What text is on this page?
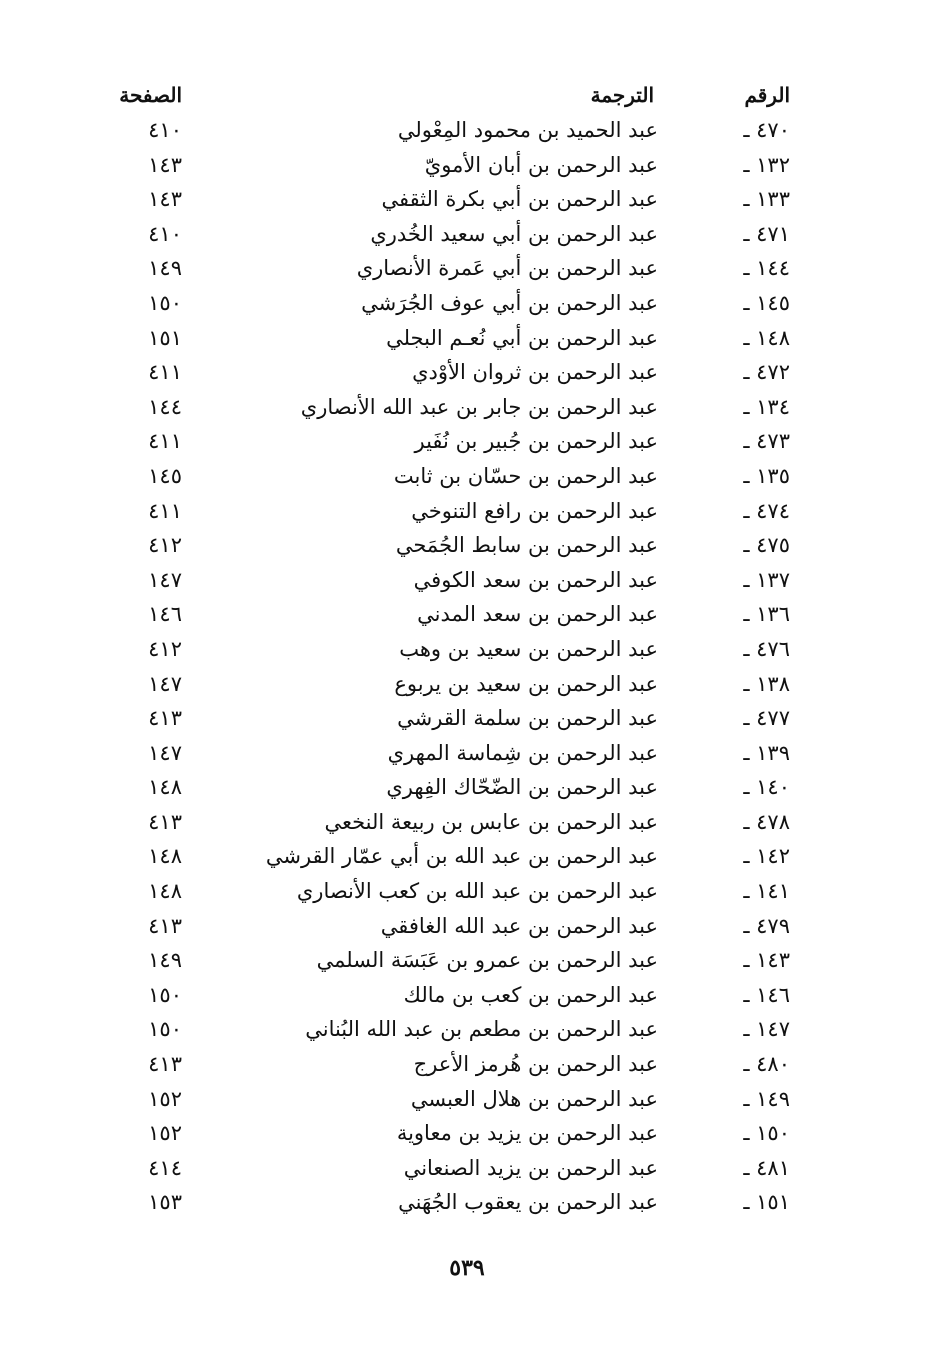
الرقم
الترجمة
الصفحة
٤٧٠ ـ
عبد الحميد بن محمود المِعْولي
٤١٠
١٣٢ ـ
عبد الرحمن بن أبان الأمويّ
١٤٣
١٣٣ ـ
عبد الرحمن بن أبي بكرة الثقفي
١٤٣
٤٧١ ـ
عبد الرحمن بن أبي سعيد الخُدري
٤١٠
١٤٤ ـ
عبد الرحمن بن أبي عَمرة الأنصاري
١٤٩
١٤٥ ـ
عبد الرحمن بن أبي عوف الجُرَشي
١٥٠
١٤٨ ـ
عبد الرحمن بن أبي نُعـم البجلي
١٥١
٤٧٢ ـ
عبد الرحمن بن ثروان الأوْدي
٤١١
١٣٤ ـ
عبد الرحمن بن جابر بن عبد الله الأنصاري
١٤٤
٤٧٣ ـ
عبد الرحمن بن جُبير بن نُفَير
٤١١
١٣٥ ـ
عبد الرحمن بن حسّان بن ثابت
١٤٥
٤٧٤ ـ
عبد الرحمن بن رافع التنوخي
٤١١
٤٧٥ ـ
عبد الرحمن بن سابط الجُمَحي
٤١٢
١٣٧ ـ
عبد الرحمن بن سعد الكوفي
١٤٧
١٣٦ ـ
عبد الرحمن بن سعد المدني
١٤٦
٤٧٦ ـ
عبد الرحمن بن سعيد بن وهب
٤١٢
١٣٨ ـ
عبد الرحمن بن سعيد بن يربوع
١٤٧
٤٧٧ ـ
عبد الرحمن بن سلمة القرشي
٤١٣
١٣٩ ـ
عبد الرحمن بن شِماسة المهري
١٤٧
١٤٠ ـ
عبد الرحمن بن الضّحّاك الفِهري
١٤٨
٤٧٨ ـ
عبد الرحمن بن عابس بن ربيعة النخعي
٤١٣
١٤٢ ـ
عبد الرحمن بن عبد الله بن أبي عمّار القرشي
١٤٨
١٤١ ـ
عبد الرحمن بن عبد الله بن كعب الأنصاري
١٤٨
٤٧٩ ـ
عبد الرحمن بن عبد الله الغافقي
٤١٣
١٤٣ ـ
عبد الرحمن بن عمرو بن عَبَسَة السلمي
١٤٩
١٤٦ ـ
عبد الرحمن بن كعب بن مالك
١٥٠
١٤٧ ـ
عبد الرحمن بن مطعم بن عبد الله البُناني
١٥٠
٤٨٠ ـ
عبد الرحمن بن هُرمز الأعرج
٤١٣
١٤٩ ـ
عبد الرحمن بن هلال العبسي
١٥٢
١٥٠ ـ
عبد الرحمن بن يزيد بن معاوية
١٥٢
٤٨١ ـ
عبد الرحمن بن يزيد الصنعاني
٤١٤
١٥١ ـ
عبد الرحمن بن يعقوب الجُهَني
١٥٣
٥٣٩
